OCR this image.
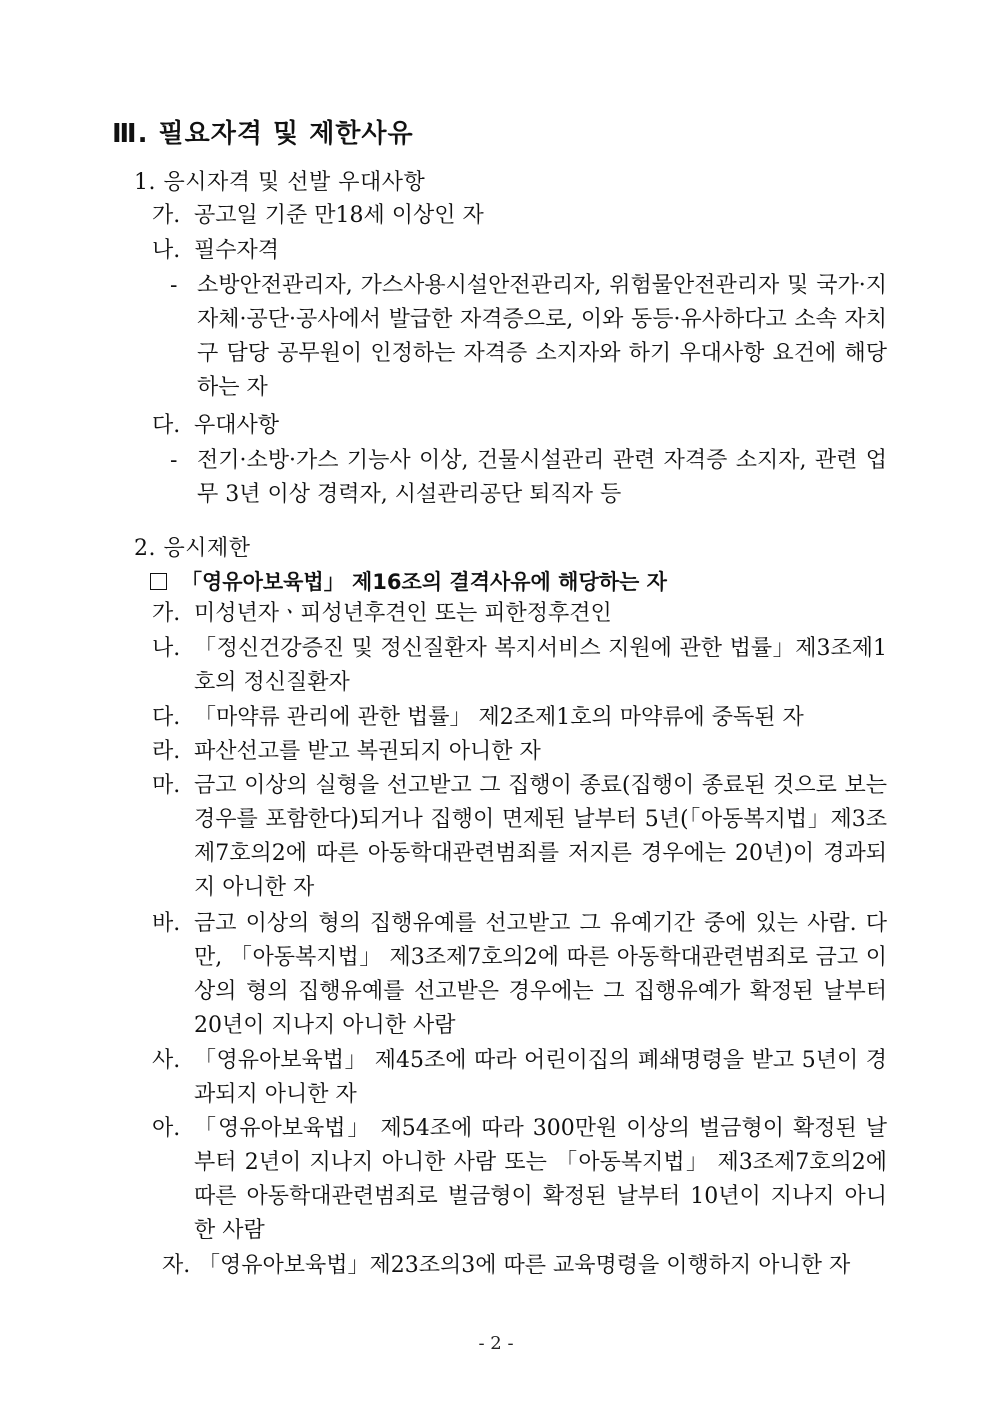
Ⅲ. 필요자격 및 제한사유
1. 응시자격 및 선발 우대사항
가. 공고일 기준 만18세 이상인 자
나. 필수자격
- 소방안전관리자, 가스사용시설안전관리자, 위험물안전관리자 및 국가·지자체·공단·공사에서 발급한 자격증으로, 이와 동등·유사하다고 소속 자치구 담당 공무원이 인정하는 자격증 소지자와 하기 우대사항 요건에 해당하는 자
다. 우대사항
- 전기·소방·가스 기능사 이상, 건물시설관리 관련 자격증 소지자, 관련 업무 3년 이상 경력자, 시설관리공단 퇴직자 등
2. 응시제한
「영유아보육법」 제16조의 결격사유에 해당하는 자
가. 미성년자ㆍ피성년후견인 또는 피한정후견인
나. 「정신건강증진 및 정신질환자 복지서비스 지원에 관한 법률」제3조제1호의 정신질환자
다. 「마약류 관리에 관한 법률」 제2조제1호의 마약류에 중독된 자
라. 파산선고를 받고 복권되지 아니한 자
마. 금고 이상의 실형을 선고받고 그 집행이 종료(집행이 종료된 것으로 보는 경우를 포함한다)되거나 집행이 면제된 날부터 5년(「아동복지법」제3조제7호의2에 따른 아동학대관련범죄를 저지른 경우에는 20년)이 경과되지 아니한 자
바. 금고 이상의 형의 집행유예를 선고받고 그 유예기간 중에 있는 사람. 다만, 「아동복지법」 제3조제7호의2에 따른 아동학대관련범죄로 금고 이상의 형의 집행유예를 선고받은 경우에는 그 집행유예가 확정된 날부터 20년이 지나지 아니한 사람
사. 「영유아보육법」 제45조에 따라 어린이집의 폐쇄명령을 받고 5년이 경과되지 아니한 자
아. 「영유아보육법」 제54조에 따라 300만원 이상의 벌금형이 확정된 날부터 2년이 지나지 아니한 사람 또는 「아동복지법」 제3조제7호의2에 따른 아동학대관련범죄로 벌금형이 확정된 날부터 10년이 지나지 아니한 사람
자. 「영유아보육법」제23조의3에 따른 교육명령을 이행하지 아니한 자
- 2 -
